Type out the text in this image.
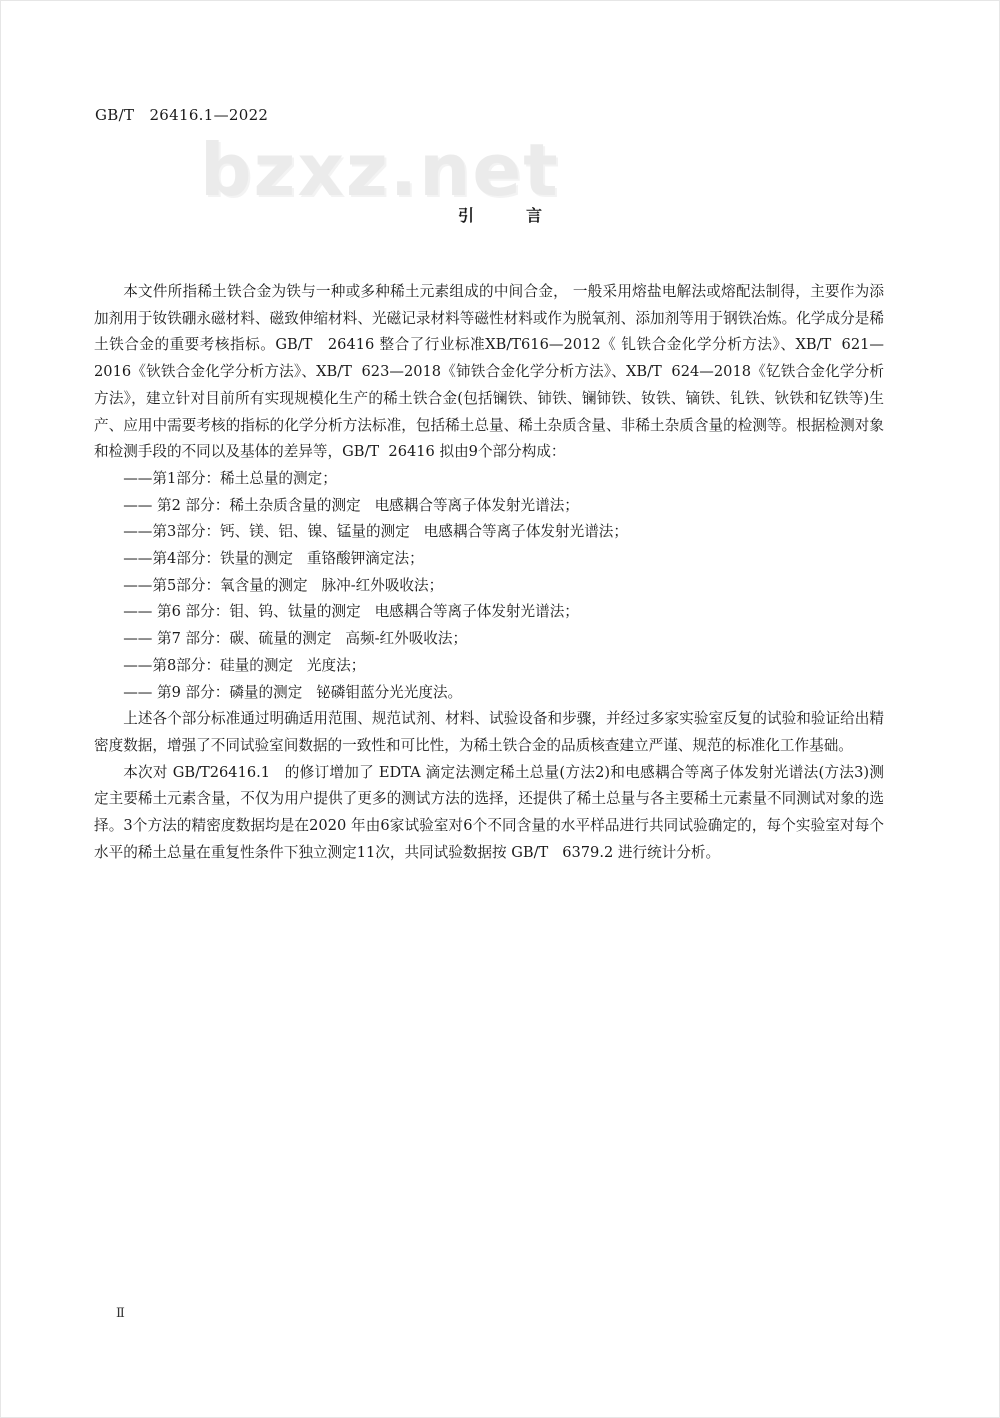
GB/T   26416.1—2022
bzxz.net
引言

本文件所指稀土铁合金为铁与一种或多种稀土元素组成的中间合金， 一般采用熔盐电解法或熔配法制得，主要作为添加剂用于钕铁硼永磁材料、磁致伸缩材料、光磁记录材料等磁性材料或作为脱氧剂、添加剂等用于钢铁冶炼。化学成分是稀土铁合金的重要考核指标。GB/T   26416 整合了行业标准XB/T616—2012《 钆铁合金化学分析方法》、XB/T  621—2016《钬铁合金化学分析方法》、XB/T  623—2018《铈铁合金化学分析方法》、XB/T  624—2018《钇铁合金化学分析方法》，建立针对目前所有实现规模化生产的稀土铁合金(包括镧铁、铈铁、镧铈铁、钕铁、镝铁、钆铁、钬铁和钇铁等)生产、应用中需要考核的指标的化学分析方法标准，包括稀土总量、稀土杂质含量、非稀土杂质含量的检测等。根据检测对象和检测手段的不同以及基体的差异等，GB/T  26416 拟由9个部分构成：

——第1部分：稀土总量的测定；

—— 第2 部分：稀土杂质含量的测定   电感耦合等离子体发射光谱法；

——第3部分：钙、镁、铝、镍、锰量的测定   电感耦合等离子体发射光谱法；

——第4部分：铁量的测定   重铬酸钾滴定法；

——第5部分：氧含量的测定   脉冲-红外吸收法；

—— 第6 部分：钼、钨、钛量的测定   电感耦合等离子体发射光谱法；

—— 第7 部分：碳、硫量的测定   高频-红外吸收法；

——第8部分：硅量的测定   光度法；

—— 第9 部分：磷量的测定   铋磷钼蓝分光光度法。

上述各个部分标准通过明确适用范围、规范试剂、材料、试验设备和步骤，并经过多家实验室反复的试验和验证给出精密度数据，增强了不同试验室间数据的一致性和可比性，为稀土铁合金的品质核查建立严谨、规范的标准化工作基础。

本次对 GB/T26416.1   的修订增加了 EDTA 滴定法测定稀土总量(方法2)和电感耦合等离子体发射光谱法(方法3)测定主要稀土元素含量，不仅为用户提供了更多的测试方法的选择，还提供了稀土总量与各主要稀土元素量不同测试对象的选择。3个方法的精密度数据均是在2020 年由6家试验室对6个不同含量的水平样品进行共同试验确定的，每个实验室对每个水平的稀土总量在重复性条件下独立测定11次，共同试验数据按 GB/T   6379.2 进行统计分析。

Ⅱ
